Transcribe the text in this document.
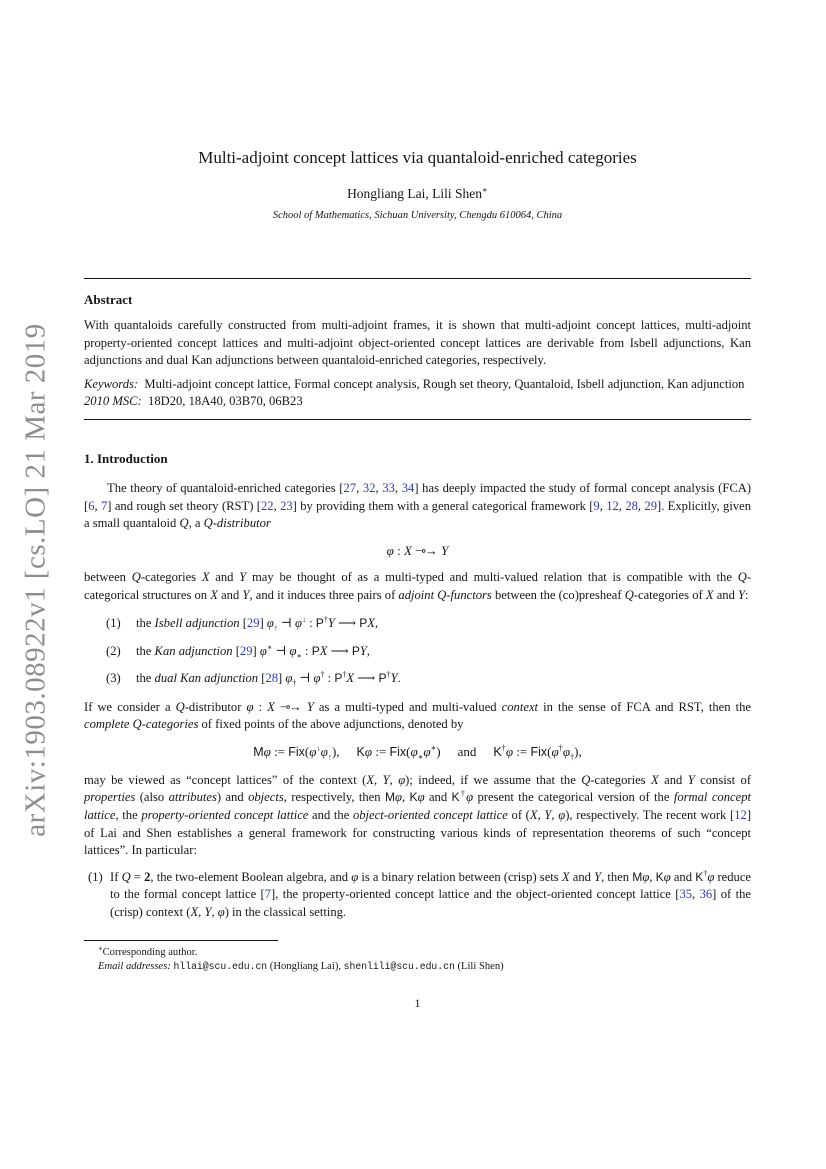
arXiv:1903.08922v1 [cs.LO] 21 Mar 2019
Multi-adjoint concept lattices via quantaloid-enriched categories
Hongliang Lai, Lili Shen∗
School of Mathematics, Sichuan University, Chengdu 610064, China
Abstract
With quantaloids carefully constructed from multi-adjoint frames, it is shown that multi-adjoint concept lattices, multi-adjoint property-oriented concept lattices and multi-adjoint object-oriented concept lattices are derivable from Isbell adjunctions, Kan adjunctions and dual Kan adjunctions between quantaloid-enriched categories, respectively.
Keywords:  Multi-adjoint concept lattice, Formal concept analysis, Rough set theory, Quantaloid, Isbell adjunction, Kan adjunction
2010 MSC:  18D20, 18A40, 03B70, 06B23
1. Introduction
The theory of quantaloid-enriched categories [27, 32, 33, 34] has deeply impacted the study of formal concept analysis (FCA) [6, 7] and rough set theory (RST) [22, 23] by providing them with a general categorical framework [9, 12, 28, 29]. Explicitly, given a small quantaloid Q, a Q-distributor
φ : X −∘→ Y
between Q-categories X and Y may be thought of as a multi-typed and multi-valued relation that is compatible with the Q-categorical structures on X and Y, and it induces three pairs of adjoint Q-functors between the (co)presheaf Q-categories of X and Y:
(1)	the Isbell adjunction [29] $\varphi_↑$ ⊣ φ↓ : P†Y ⟶ PX,
(2)	the Kan adjunction [29] φ∗ ⊣ $\varphi_∗$ : PX ⟶ PY,
(3)	the dual Kan adjunction [28] $\varphi_\dagger$ ⊣ φ† : P†X ⟶ P†Y.
If we consider a Q-distributor φ : X −∘→ Y as a multi-typed and multi-valued context in the sense of FCA and RST, then the complete Q-categories of fixed points of the above adjunctions, denoted by
Mφ := $Fix(\varphi^↓\varphi_↑)$, Kφ := $Fix(\varphi_∗\varphi^∗)$ and K†φ := $Fix(\varphi^\dagger\varphi_\dagger)$,
may be viewed as “concept lattices” of the context (X, Y, φ); indeed, if we assume that the Q-categories X and Y consist of properties (also attributes) and objects, respectively, then Mφ, Kφ and K†φ present the categorical version of the formal concept lattice, the property-oriented concept lattice and the object-oriented concept lattice of (X, Y, φ), respectively. The recent work [12] of Lai and Shen establishes a general framework for constructing various kinds of representation theorems of such “concept lattices”. In particular:
(1) If Q = 2, the two-element Boolean algebra, and φ is a binary relation between (crisp) sets X and Y, then Mφ, Kφ and K†φ reduce to the formal concept lattice [7], the property-oriented concept lattice and the object-oriented concept lattice [35, 36] of the (crisp) context (X, Y, φ) in the classical setting.
∗Corresponding author.
Email addresses: hllai@scu.edu.cn (Hongliang Lai), shenlili@scu.edu.cn (Lili Shen)
1
